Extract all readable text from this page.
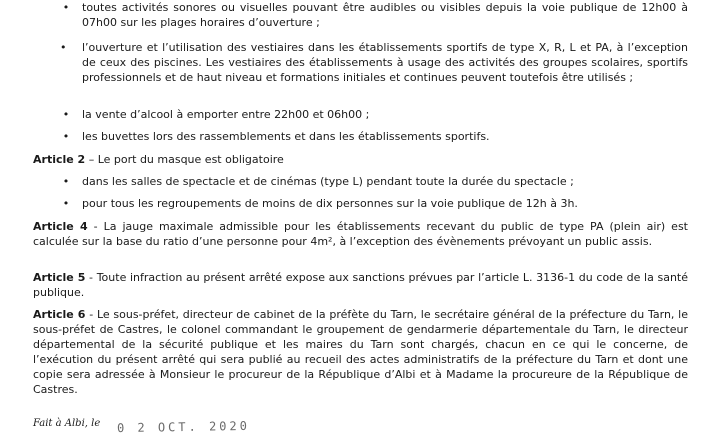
• toutes activités sonores ou visuelles pouvant être audibles ou visibles depuis la voie publique de 12h00 à 07h00 sur les plages horaires d’ouverture ;
•	l’ouverture et l’utilisation des vestiaires dans les établissements sportifs de type X, R, L et PA, à l’exception de ceux des piscines. Les vestiaires des établissements à usage des activités des groupes scolaires, sportifs professionnels et de haut niveau et formations initiales et continues peuvent toutefois être utilisés ;
• la vente d’alcool à emporter entre 22h00 et 06h00 ;
• les buvettes lors des rassemblements et dans les établissements sportifs.
Article 2 – Le port du masque est obligatoire
• dans les salles de spectacle et de cinémas (type L) pendant toute la durée du spectacle ;
• pour tous les regroupements de moins de dix personnes sur la voie publique de 12h à 3h.
Article 4 - La jauge maximale admissible pour les établissements recevant du public de type PA (plein air) est calculée sur la base du ratio d’une personne pour 4m², à l’exception des évènements prévoyant un public assis.
Article 5 - Toute infraction au présent arrêté expose aux sanctions prévues par l’article L. 3136-1 du code de la santé publique.
Article 6 - Le sous-préfet, directeur de cabinet de la préfète du Tarn, le secrétaire général de la préfecture du Tarn, le sous-préfet de Castres, le colonel commandant le groupement de gendarmerie départementale du Tarn, le directeur départemental de la sécurité publique et les maires du Tarn sont chargés, chacun en ce qui le concerne, de l’exécution du présent arrêté qui sera publié au recueil des actes administratifs de la préfecture du Tarn et dont une copie sera adressée à Monsieur le procureur de la République d’Albi et à Madame la procureure de la République de Castres.
Fait à Albi, le 0 2 OCT. 2020
